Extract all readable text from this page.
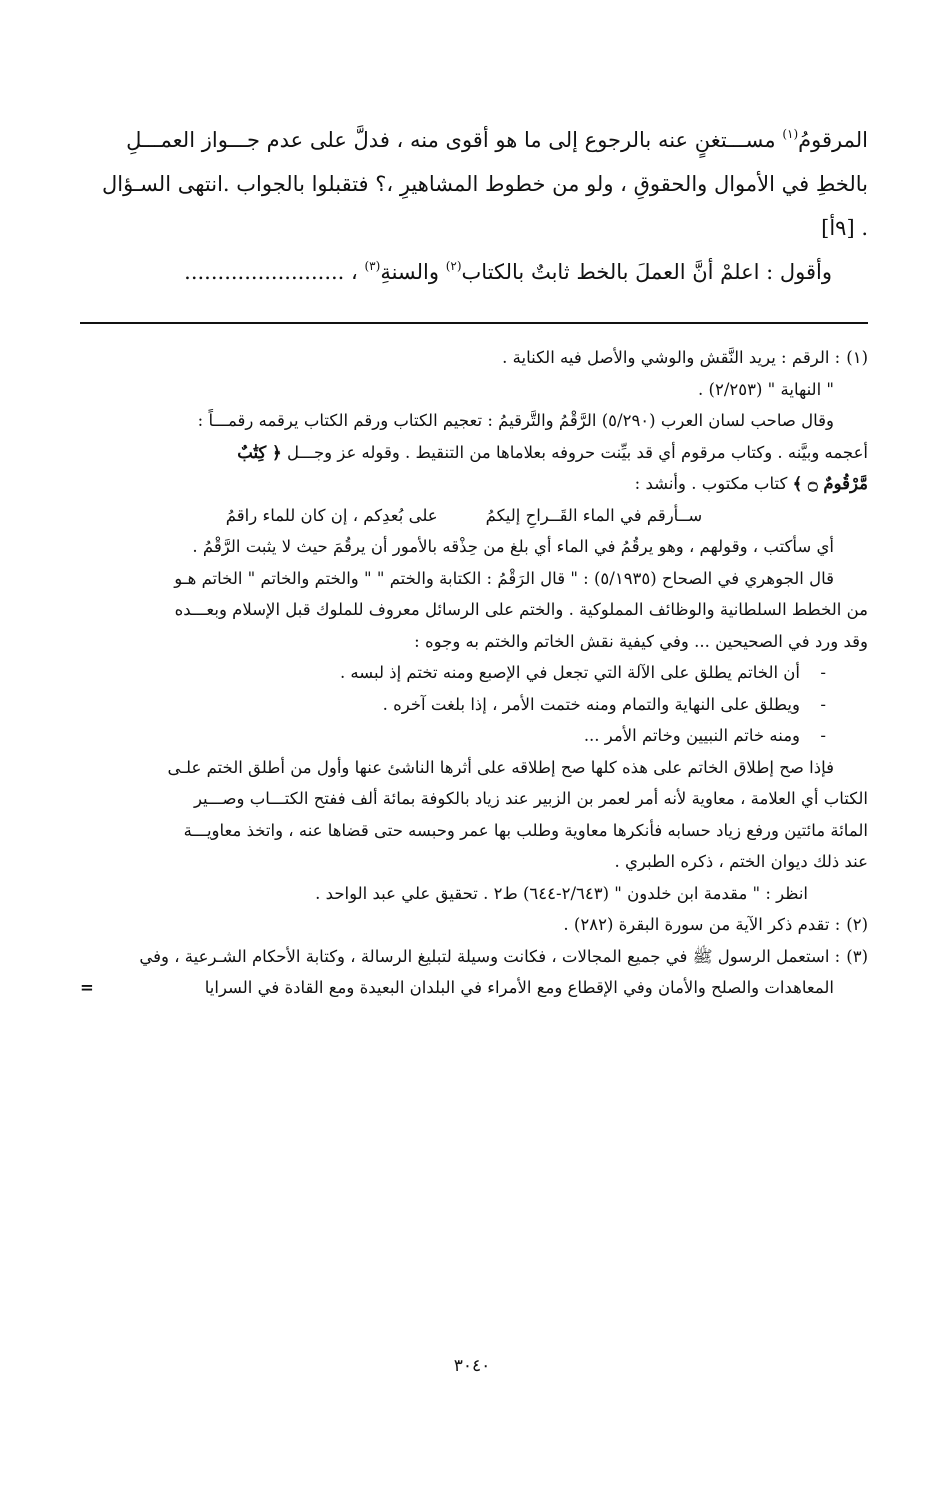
المرقومُ$^{(١)}$ مســـتغنٍ عنه بالرجوع إلى ما هو أقوى منه ، فدلَّ على عدم جـــواز العمـــلِ
بالخطِ في الأموال والحقوقِ ، ولو من خطوط المشاهيرِ ،؟ فتقبلوا بالجواب .انتهى السـؤال
. [٩أ]

وأقول : اعلمْ أنَّ العملَ بالخط ثابتٌ بالكتاب$^{(٢)}$ والسنةِ$^{(٣)}$ ، ........................

(١): الرقم : يريد النَّقش والوشي والأصل فيه الكناية .

" النهاية " (٢/٢٥٣) .

وقال صاحب لسان العرب (٥/٢٩٠) الرَّقْمُ والتَّرقيمُ : تعجيم الكتاب ورقم الكتاب يرقمه رقمـــاً :

أعجمه وبيَّنه . وكتاب مرقوم أي قد بيِّنت حروفه بعلاماها من التنقيط . وقوله عز وجـــل ﴿ كِتَٰبٌ

مَّرْقُومٌ ۝ ﴾ كتاب مكتوب . وأنشد :

ســأرقم في الماء القَــراحِ إليكمُ
على بُعدِكم ، إن كان للماء راقمُ

أي سأكتب ، وقولهم ، وهو يرقُمُ في الماء أي بلغ من حِذْقه بالأمور أن يرقُمَ حيث لا يثبت الرَّقْمُ .

قال الجوهري في الصحاح (٥/١٩٣٥) : " قال الرَقْمُ : الكتابة والختم " " والختم والخاتم " الخاتم هـو

من الخطط السلطانية والوظائف المملوكية . والختم على الرسائل معروف للملوك قبل الإسلام وبعـــده

وقد ورد في الصحيحين ... وفي كيفية نقش الخاتم والختم به وجوه :

-
أن الخاتم يطلق على الآلة التي تجعل في الإصبع ومنه تختم إذ لبسه .
-
ويطلق على النهاية والتمام ومنه ختمت الأمر ، إذا بلغت آخره .
-
ومنه خاتم النبيين وخاتم الأمر ...

فإذا صح إطلاق الخاتم على هذه كلها صح إطلاقه على أثرها الناشئ عنها وأول من أطلق الختم علـى

الكتاب أي العلامة ، معاوية لأنه أمر لعمر بن الزبير عند زياد بالكوفة بمائة ألف ففتح الكتـــاب وصـــير

المائة مائتين ورفع زياد حسابه فأنكرها معاوية وطلب بها عمر وحبسه حتى قضاها عنه ، واتخذ معاويـــة

عند ذلك ديوان الختم ، ذكره الطبري .

انظر : " مقدمة ابن خلدون " (٢/٦٤٣-٦٤٤) ط٢ . تحقيق علي عبد الواحد .

(٢): تقدم ذكر الآية من سورة البقرة (٢٨٢) .

(٣): استعمل الرسول ﷺ في جميع المجالات ، فكانت وسيلة لتبليغ الرسالة ، وكتابة الأحكام الشـرعية ، وفي

المعاهدات والصلح والأمان وفي الإقطاع ومع الأمراء في البلدان البعيدة ومع القادة في السرايا
=
٣٠٤٠
